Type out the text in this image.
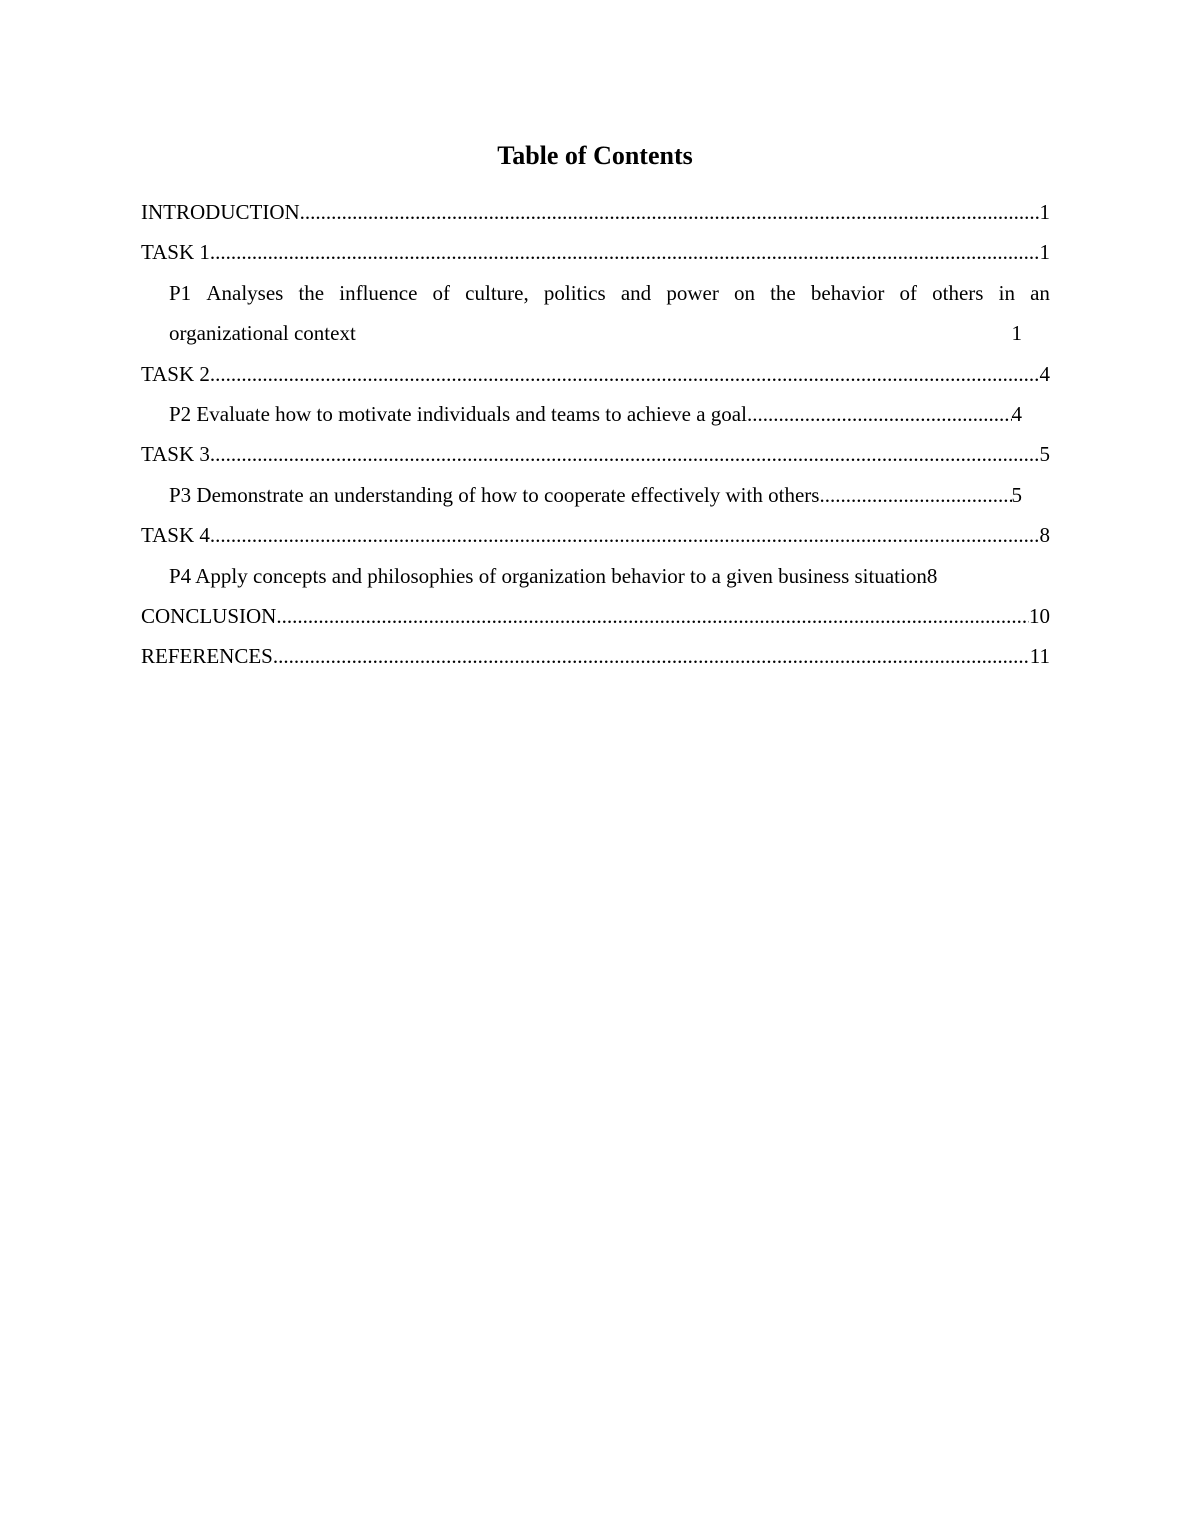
Table of Contents
INTRODUCTION .....	1
TASK 1 .....	1
P1 Analyses the influence of culture, politics and power on the behavior of others in an
organizational context	1
TASK 2 .....	4
P2 Evaluate how to motivate individuals and teams to achieve a goal .....	4
TASK 3 .....	5
P3 Demonstrate an understanding of how to cooperate effectively with others .....	5
TASK 4 .....	8
P4 Apply concepts and philosophies of organization behavior to a given business situation 8
CONCLUSION .....	10
REFERENCES .....	11
